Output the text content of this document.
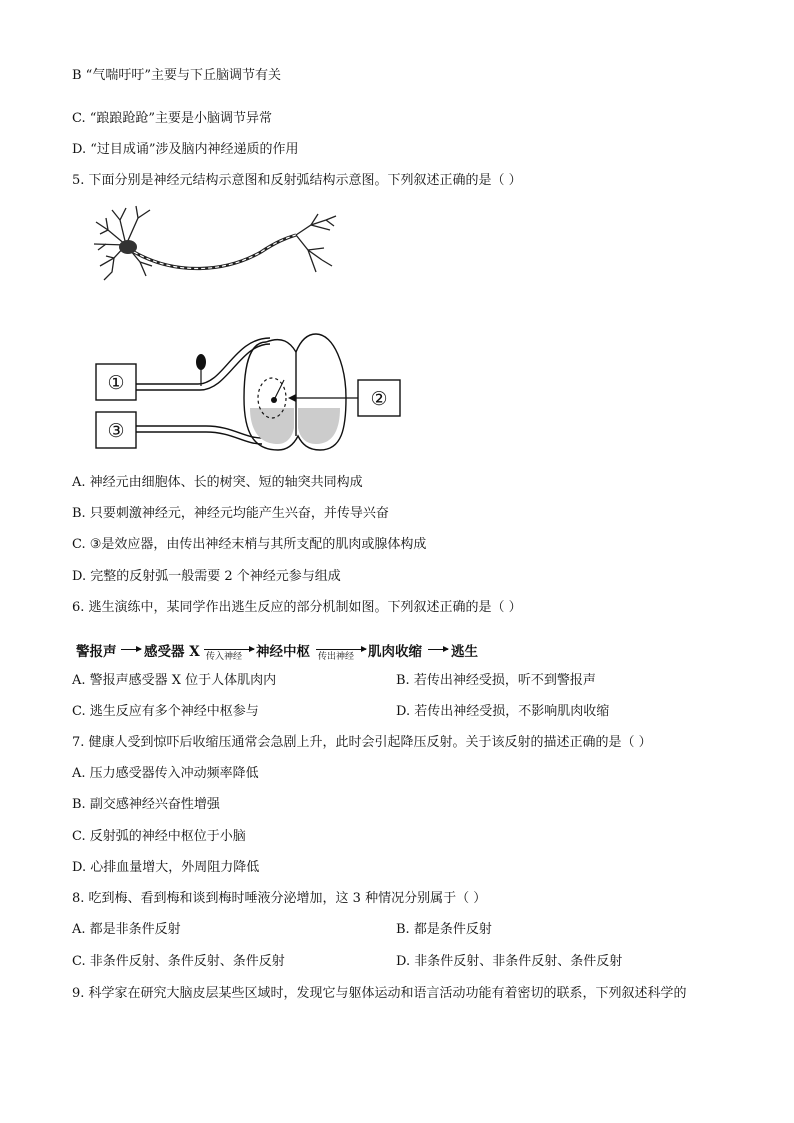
B “气喘吁吁”主要与下丘脑调节有关
C. “踉踉跄跄”主要是小脑调节异常
D. “过目成诵”涉及脑内神经递质的作用
5. 下面分别是神经元结构示意图和反射弧结构示意图。下列叙述正确的是（ ）
①
③
②
A. 神经元由细胞体、长的树突、短的轴突共同构成
B. 只要刺激神经元，神经元均能产生兴奋，并传导兴奋
C. ③是效应器，由传出神经末梢与其所支配的肌肉或腺体构成
D. 完整的反射弧一般需要 2 个神经元参与组成
6. 逃生演练中，某同学作出逃生反应的部分机制如图。下列叙述正确的是（ ）
警报声 感受器 X 传入神经 神经中枢 传出神经 肌肉收缩 逃生
A. 警报声感受器 X 位于人体肌肉内	B. 若传出神经受损，听不到警报声
C. 逃生反应有多个神经中枢参与	D. 若传出神经受损，不影响肌肉收缩
7. 健康人受到惊吓后收缩压通常会急剧上升，此时会引起降压反射。关于该反射的描述正确的是（ ）
A. 压力感受器传入冲动频率降低
B. 副交感神经兴奋性增强
C. 反射弧的神经中枢位于小脑
D. 心排血量增大，外周阻力降低
8. 吃到梅、看到梅和谈到梅时唾液分泌增加，这 3 种情况分别属于（ ）
A. 都是非条件反射	B. 都是条件反射
C. 非条件反射、条件反射、条件反射	D. 非条件反射、非条件反射、条件反射
9. 科学家在研究大脑皮层某些区域时，发现它与躯体运动和语言活动功能有着密切的联系，下列叙述科学的
